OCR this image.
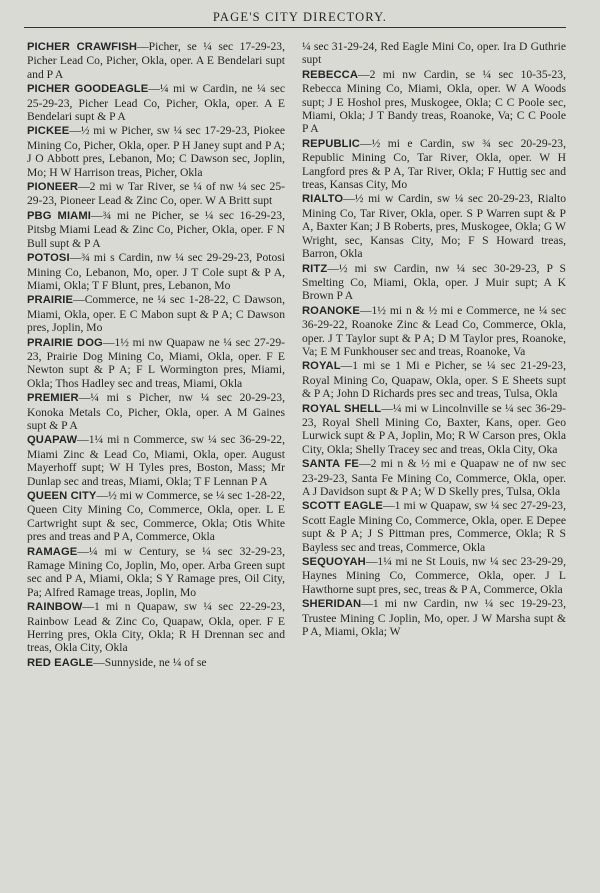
PAGE'S CITY DIRECTORY.
PICHER CRAWFISH—Picher, se ¼ sec 17-29-23, Picher Lead Co, Picher, Okla, oper. A E Bendelari supt and P A
PICHER GOODEAGLE—¼ mi w Cardin, ne ¼ sec 25-29-23, Picher Lead Co, Picher, Okla, oper. A E Bendelari supt & P A
PICKEE—½ mi w Picher, sw ¼ sec 17-29-23, Piokee Mining Co, Picher, Okla, oper. P H Janey supt and P A; J O Abbott pres, Lebanon, Mo; C Dawson sec, Joplin, Mo; H W Harrison treas, Picher, Okla
PIONEER—2 mi w Tar River, se ¼ of nw ¼ sec 25-29-23, Pioneer Lead & Zinc Co, oper. W A Britt supt
PBG MIAMI—¾ mi ne Picher, se ¼ sec 16-29-23, Pitsbg Miami Lead & Zinc Co, Picher, Okla, oper. F N Bull supt & P A
POTOSI—¾ mi s Cardin, nw ¼ sec 29-29-23, Potosi Mining Co, Lebanon, Mo, oper. J T Cole supt & P A, Miami, Okla; T F Blunt, pres, Lebanon, Mo
PRAIRIE—Commerce, ne ¼ sec 1-28-22, C Dawson, Miami, Okla, oper. E C Mabon supt & P A; C Dawson pres, Joplin, Mo
PRAIRIE DOG—1½ mi nw Quapaw ne ¼ sec 27-29-23, Prairie Dog Mining Co, Miami, Okla, oper. F E Newton supt & P A; F L Wormington pres, Miami, Okla; Thos Hadley sec and treas, Miami, Okla
PREMIER—¼ mi s Picher, nw ¼ sec 20-29-23, Konoka Metals Co, Picher, Okla, oper. A M Gaines supt & P A
QUAPAW—1¼ mi n Commerce, sw ¼ sec 36-29-22, Miami Zinc & Lead Co, Miami, Okla, oper. August Mayerhoff supt; W H Tyles pres, Boston, Mass; Mr Dunlap sec and treas, Miami, Okla; T F Lennan P A
QUEEN CITY—½ mi w Commerce, se ¼ sec 1-28-22, Queen City Mining Co, Commerce, Okla, oper. L E Cartwright supt & sec, Commerce, Okla; Otis White pres and treas and P A, Commerce, Okla
RAMAGE—¼ mi w Century, se ¼ sec 32-29-23, Ramage Mining Co, Joplin, Mo, oper. Arba Green supt sec and P A, Miami, Okla; S Y Ramage pres, Oil City, Pa; Alfred Ramage treas, Joplin, Mo
RAINBOW—1 mi n Quapaw, sw ¼ sec 22-29-23, Rainbow Lead & Zinc Co, Quapaw, Okla, oper. F E Herring pres, Okla City, Okla; R H Drennan sec and treas, Okla City, Okla
RED EAGLE—Sunnyside, ne ¼ of se
¼ sec 31-29-24, Red Eagle Mini Co, oper. Ira D Guthrie supt
REBECCA—2 mi nw Cardin, se ¼ sec 10-35-23, Rebecca Mining Co, Miami, Okla, oper. W A Woods supt; J E Hoshol pres, Muskogee, Okla; C C Poole sec, Miami, Okla; J T Bandy treas, Roanoke, Va; C C Poole P A
REPUBLIC—½ mi e Cardin, sw ¾ sec 20-29-23, Republic Mining Co, Tar River, Okla, oper. W H Langford pres & P A, Tar River, Okla; F Huttig sec and treas, Kansas City, Mo
RIALTO—½ mi w Cardin, sw ¼ sec 20-29-23, Rialto Mining Co, Tar River, Okla, oper. S P Warren supt & P A, Baxter Kan; J B Roberts, pres, Muskogee, Okla; G W Wright, sec, Kansas City, Mo; F S Howard treas, Barron, Okla
RITZ—½ mi sw Cardin, nw ¼ sec 30-29-23, P S Smelting Co, Miami, Okla, oper. J Muir supt; A K Brown P A
ROANOKE—1½ mi n & ½ mi e Commerce, ne ¼ sec 36-29-22, Roanoke Zinc & Lead Co, Commerce, Okla, oper. J T Taylor supt & P A; D M Taylor pres, Roanoke, Va; E M Funkhouser sec and treas, Roanoke, Va
ROYAL—1 mi se 1 Mi e Picher, se ¼ sec 21-29-23, Royal Mining Co, Quapaw, Okla, oper. S E Sheets supt & P A; John D Richards pres sec and treas, Tulsa, Okla
ROYAL SHELL—¼ mi w Lincolnville se ¼ sec 36-29-23, Royal Shell Mining Co, Baxter, Kans, oper. Geo Lurwick supt & P A, Joplin, Mo; R W Carson pres, Okla City, Okla; Shelly Tracey sec and treas, Okla City, Oka
SANTA FE—2 mi n & ½ mi e Quapaw ne of nw sec 23-29-23, Santa Fe Mining Co, Commerce, Okla, oper. A J Davidson supt & P A; W D Skelly pres, Tulsa, Okla
SCOTT EAGLE—1 mi w Quapaw, sw ¼ sec 27-29-23, Scott Eagle Mining Co, Commerce, Okla, oper. E Depee supt & P A; J S Pittman pres, Commerce, Okla; R S Bayless sec and treas, Commerce, Okla
SEQUOYAH—1¼ mi ne St Louis, nw ¼ sec 23-29-29, Haynes Mining Co, Commerce, Okla, oper. J L Hawthorne supt pres, sec, treas & P A, Commerce, Okla
SHERIDAN—1 mi nw Cardin, nw ¼ sec 19-29-23, Trustee Mining C Joplin, Mo, oper. J W Marsha supt & P A, Miami, Okla; W
